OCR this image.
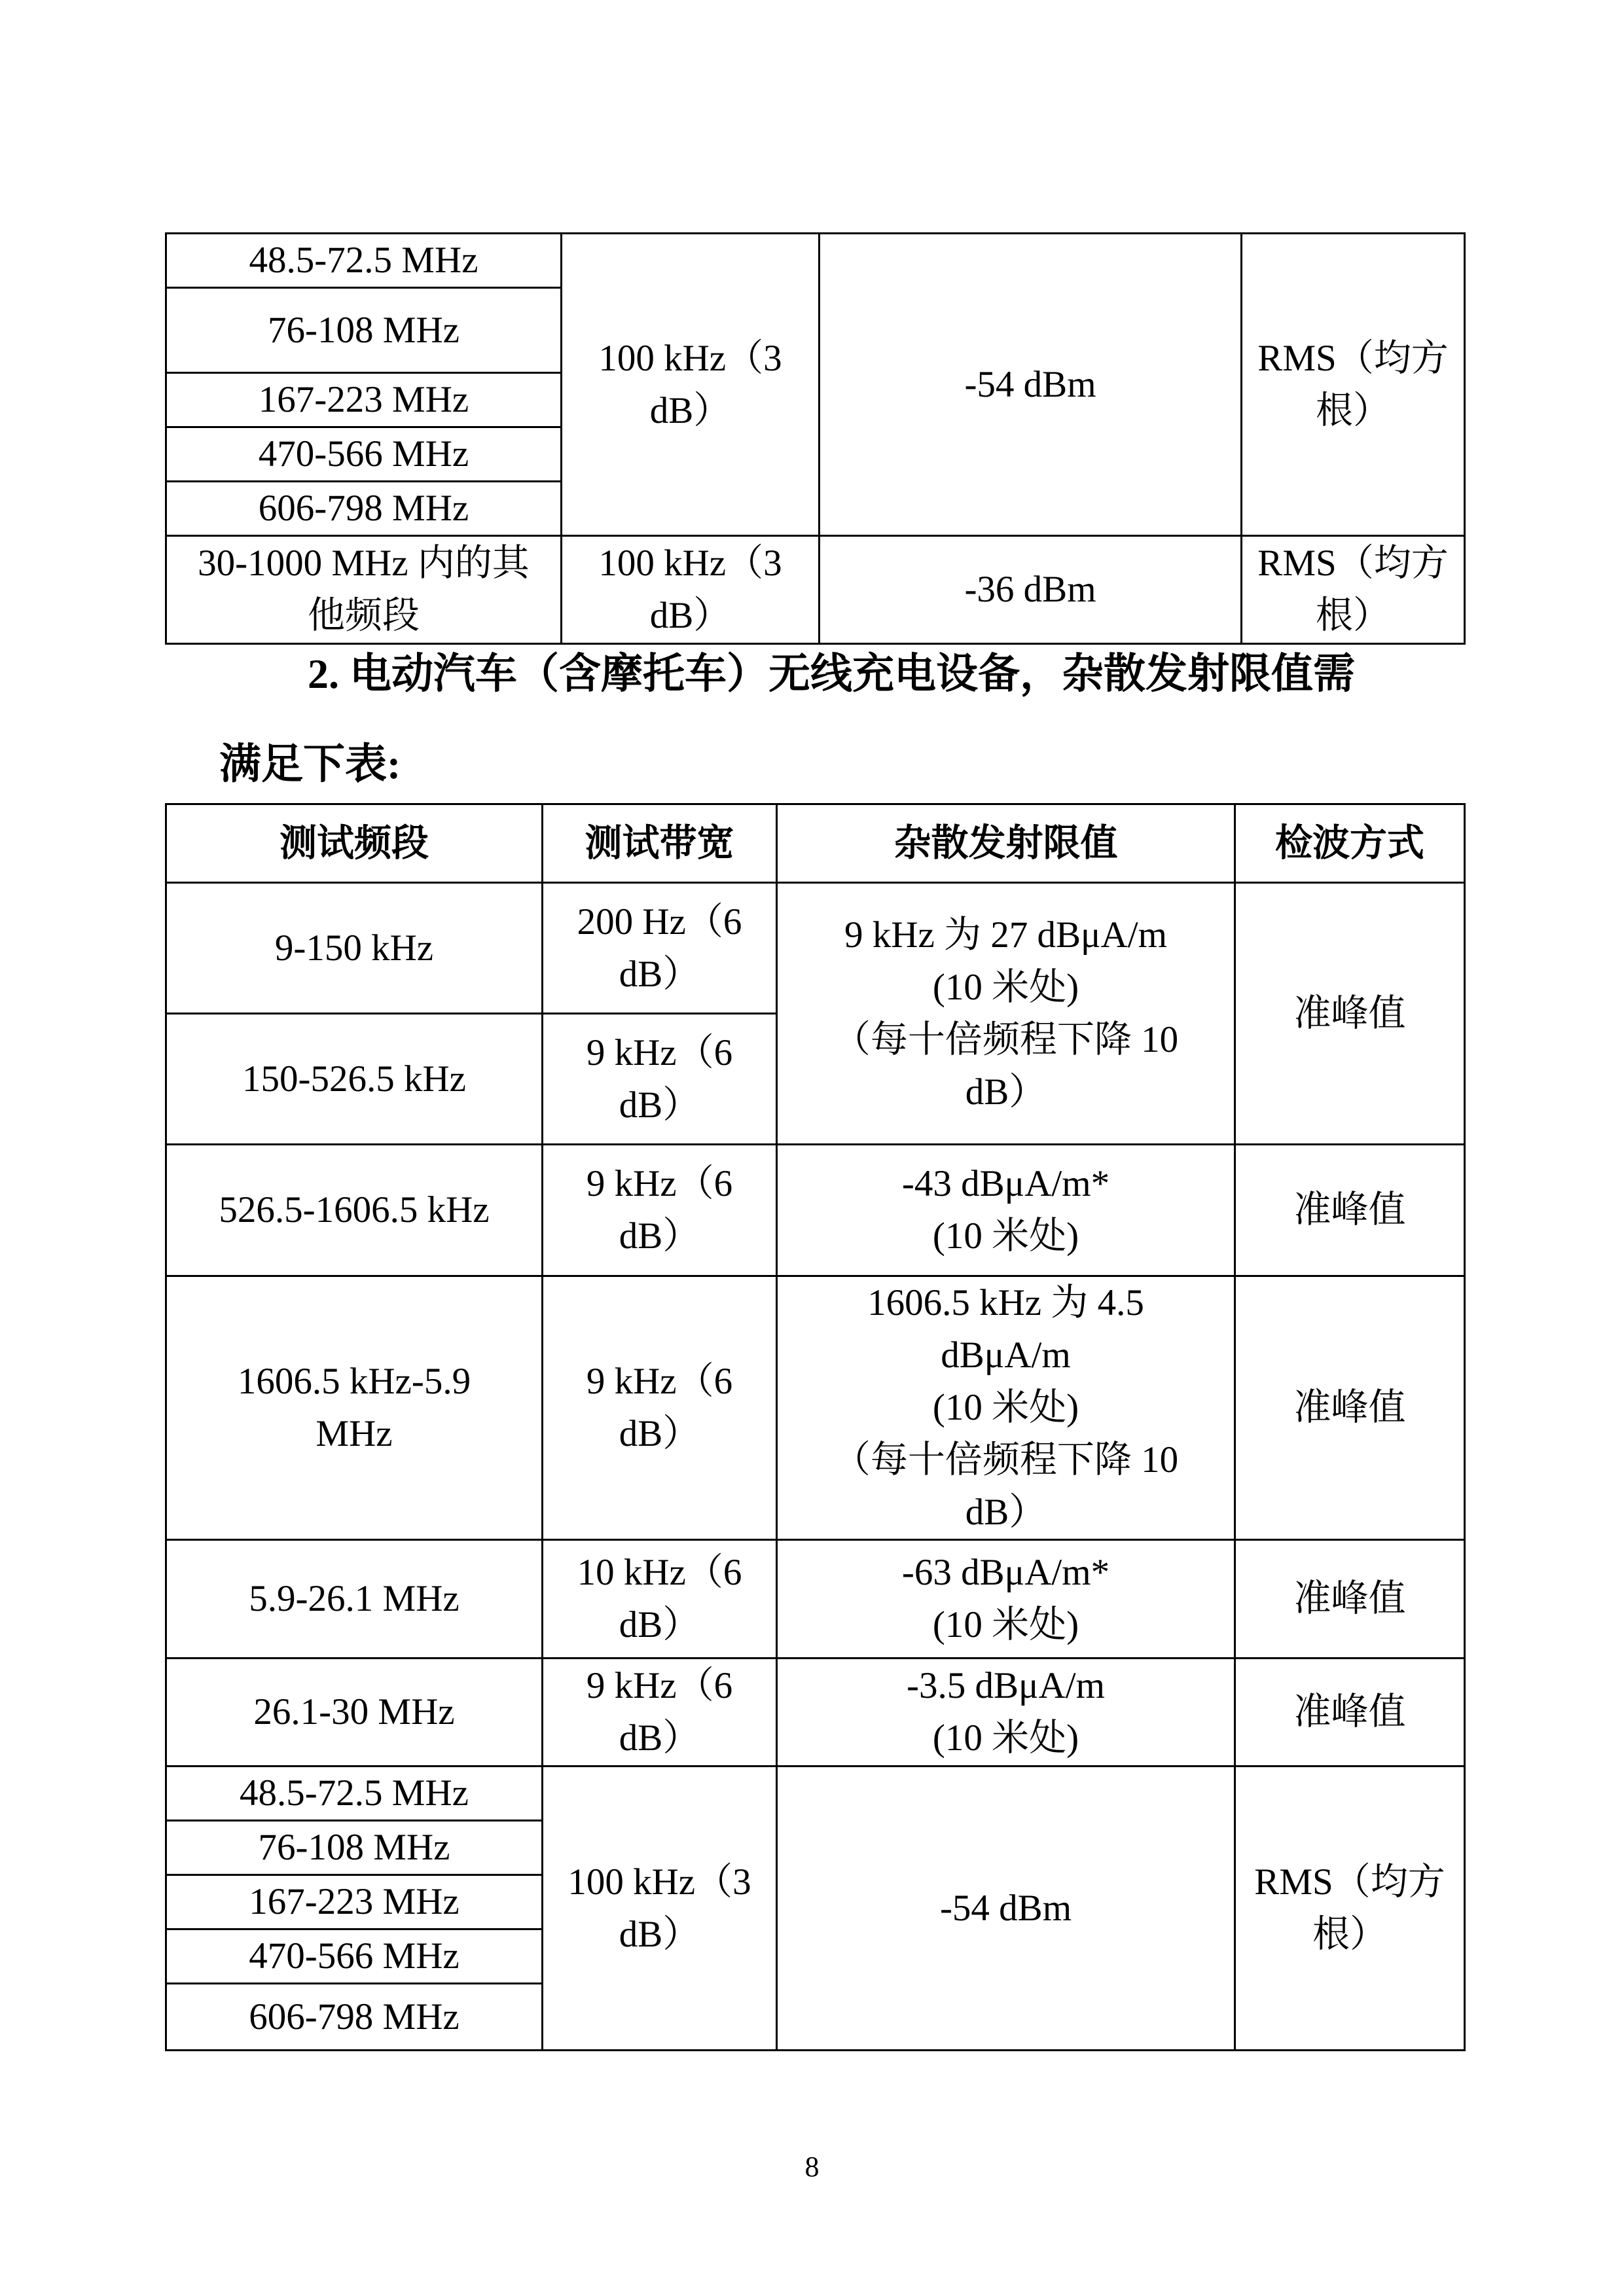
48.5-72.5 MHz	100 kHz（3
dB）	-54 dBm	RMS（均方
根）

76-108 MHz			
167-223 MHz			
470-566 MHz			
606-798 MHz			

30-1000 MHz 内的其
他频段	100 kHz（3
dB）	-36 dBm	RMS（均方
根）
2. 电动汽车（含摩托车）无线充电设备，杂散发射限值需
满足下表:
测试频段	测试带宽	杂散发射限值	检波方式
9-150 kHz	200 Hz（6
dB）	9 kHz 为 27 dBμA/m
(10 米处)
（每十倍频程下降 10
dB）	准峰值
150-526.5 kHz	9 kHz（6
dB）		

526.5-1606.5 kHz	9 kHz（6
dB）	-43 dBμA/m*
(10 米处)	准峰值

1606.5 kHz-5.9
MHz	9 kHz（6
dB）	1606.5 kHz 为 4.5
dBμA/m
(10 米处)
（每十倍频程下降 10
dB）	准峰值
5.9-26.1 MHz	10 kHz（6
dB）	-63 dBμA/m*
(10 米处)	准峰值
26.1-30 MHz	9 kHz（6
dB）	-3.5 dBμA/m
(10 米处)	准峰值
48.5-72.5 MHz	100 kHz（3
dB）	-54 dBm	RMS（均方
根）

76-108 MHz			
167-223 MHz			
470-566 MHz			
606-798 MHz			
8
